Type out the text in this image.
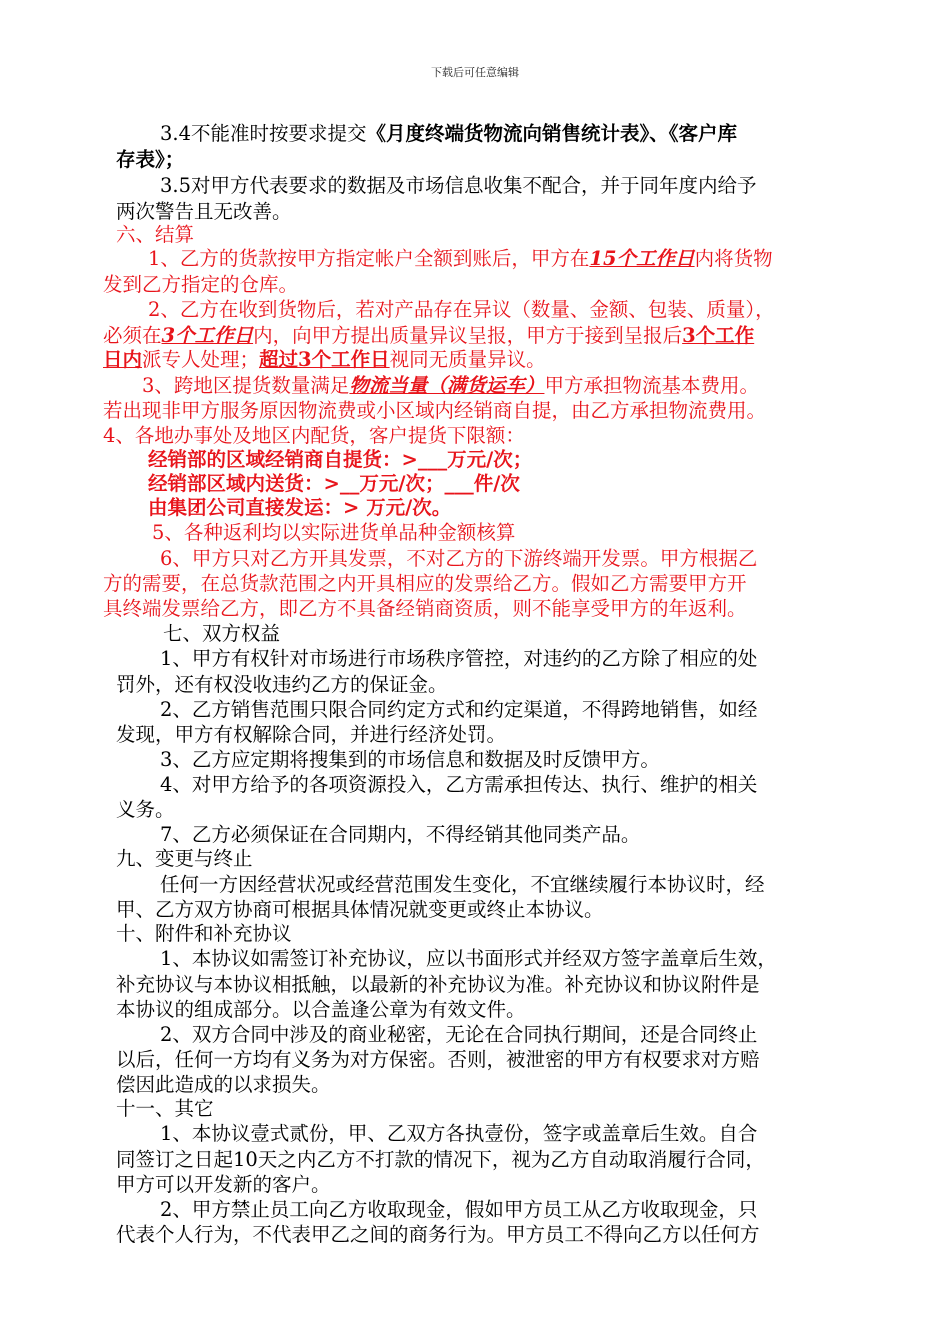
下载后可任意编辑
3.4不能准时按要求提交《月度终端货物流向销售统计表》、《客户库
存表》；
3.5对甲方代表要求的数据及市场信息收集不配合，并于同年度内给予
两次警告且无改善。
六、结算
1、乙方的货款按甲方指定帐户全额到账后，甲方在15个工作日内将货物
发到乙方指定的仓库。
2、乙方在收到货物后，若对产品存在异议（数量、金额、包装、质量），
必须在3个工作日内，向甲方提出质量异议呈报，甲方于接到呈报后3个工作
日内派专人处理；超过3个工作日视同无质量异议。
3、跨地区提货数量满足物流当量（满货运车）甲方承担物流基本费用。
若出现非甲方服务原因物流费或小区域内经销商自提，由乙方承担物流费用。
4、各地办事处及地区内配货，客户提货下限额：
经销部的区域经销商自提货：>___万元/次；
经销部区域内送货：>__万元/次；___件/次
由集团公司直接发运：> 万元/次。
5、各种返利均以实际进货单品种金额核算
6、甲方只对乙方开具发票，不对乙方的下游终端开发票。甲方根据乙
方的需要，在总货款范围之内开具相应的发票给乙方。假如乙方需要甲方开
具终端发票给乙方，即乙方不具备经销商资质，则不能享受甲方的年返利。
七、双方权益
1、甲方有权针对市场进行市场秩序管控，对违约的乙方除了相应的处
罚外，还有权没收违约乙方的保证金。
2、乙方销售范围只限合同约定方式和约定渠道，不得跨地销售，如经
发现，甲方有权解除合同，并进行经济处罚。
3、乙方应定期将搜集到的市场信息和数据及时反馈甲方。
4、对甲方给予的各项资源投入，乙方需承担传达、执行、维护的相关
义务。
7、乙方必须保证在合同期内，不得经销其他同类产品。
九、变更与终止
任何一方因经营状况或经营范围发生变化，不宜继续履行本协议时，经
甲、乙方双方协商可根据具体情况就变更或终止本协议。
十、附件和补充协议
1、本协议如需签订补充协议，应以书面形式并经双方签字盖章后生效，
补充协议与本协议相抵触，以最新的补充协议为准。补充协议和协议附件是
本协议的组成部分。以合盖逢公章为有效文件。
2、双方合同中涉及的商业秘密，无论在合同执行期间，还是合同终止
以后，任何一方均有义务为对方保密。否则，被泄密的甲方有权要求对方赔
偿因此造成的以求损失。
十一、其它
1、本协议壹式贰份，甲、乙双方各执壹份，签字或盖章后生效。自合
同签订之日起10天之内乙方不打款的情况下，视为乙方自动取消履行合同，
甲方可以开发新的客户。
2、甲方禁止员工向乙方收取现金，假如甲方员工从乙方收取现金，只
代表个人行为，不代表甲乙之间的商务行为。甲方员工不得向乙方以任何方
